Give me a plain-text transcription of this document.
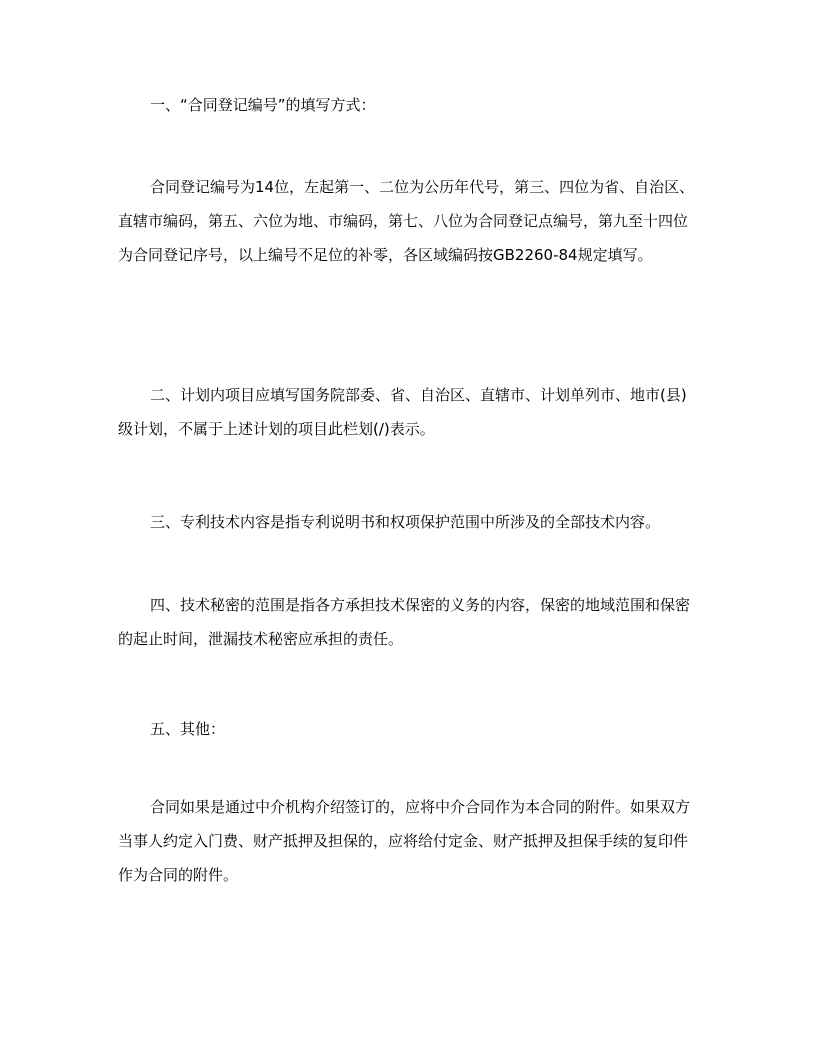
一、“合同登记编号”的填写方式：

合同登记编号为14位，左起第一、二位为公历年代号，第三、四位为省、自治区、直辖市编码，第五、六位为地、市编码，第七、八位为合同登记点编号，第九至十四位为合同登记序号，以上编号不足位的补零，各区域编码按GB2260-84规定填写。

二、计划内项目应填写国务院部委、省、自治区、直辖市、计划单列市、地市(县)级计划，不属于上述计划的项目此栏划(/)表示。

三、专利技术内容是指专利说明书和权项保护范围中所涉及的全部技术内容。

四、技术秘密的范围是指各方承担技术保密的义务的内容，保密的地域范围和保密的起止时间，泄漏技术秘密应承担的责任。

五、其他：

合同如果是通过中介机构介绍签订的，应将中介合同作为本合同的附件。如果双方当事人约定入门费、财产抵押及担保的，应将给付定金、财产抵押及担保手续的复印件作为合同的附件。
